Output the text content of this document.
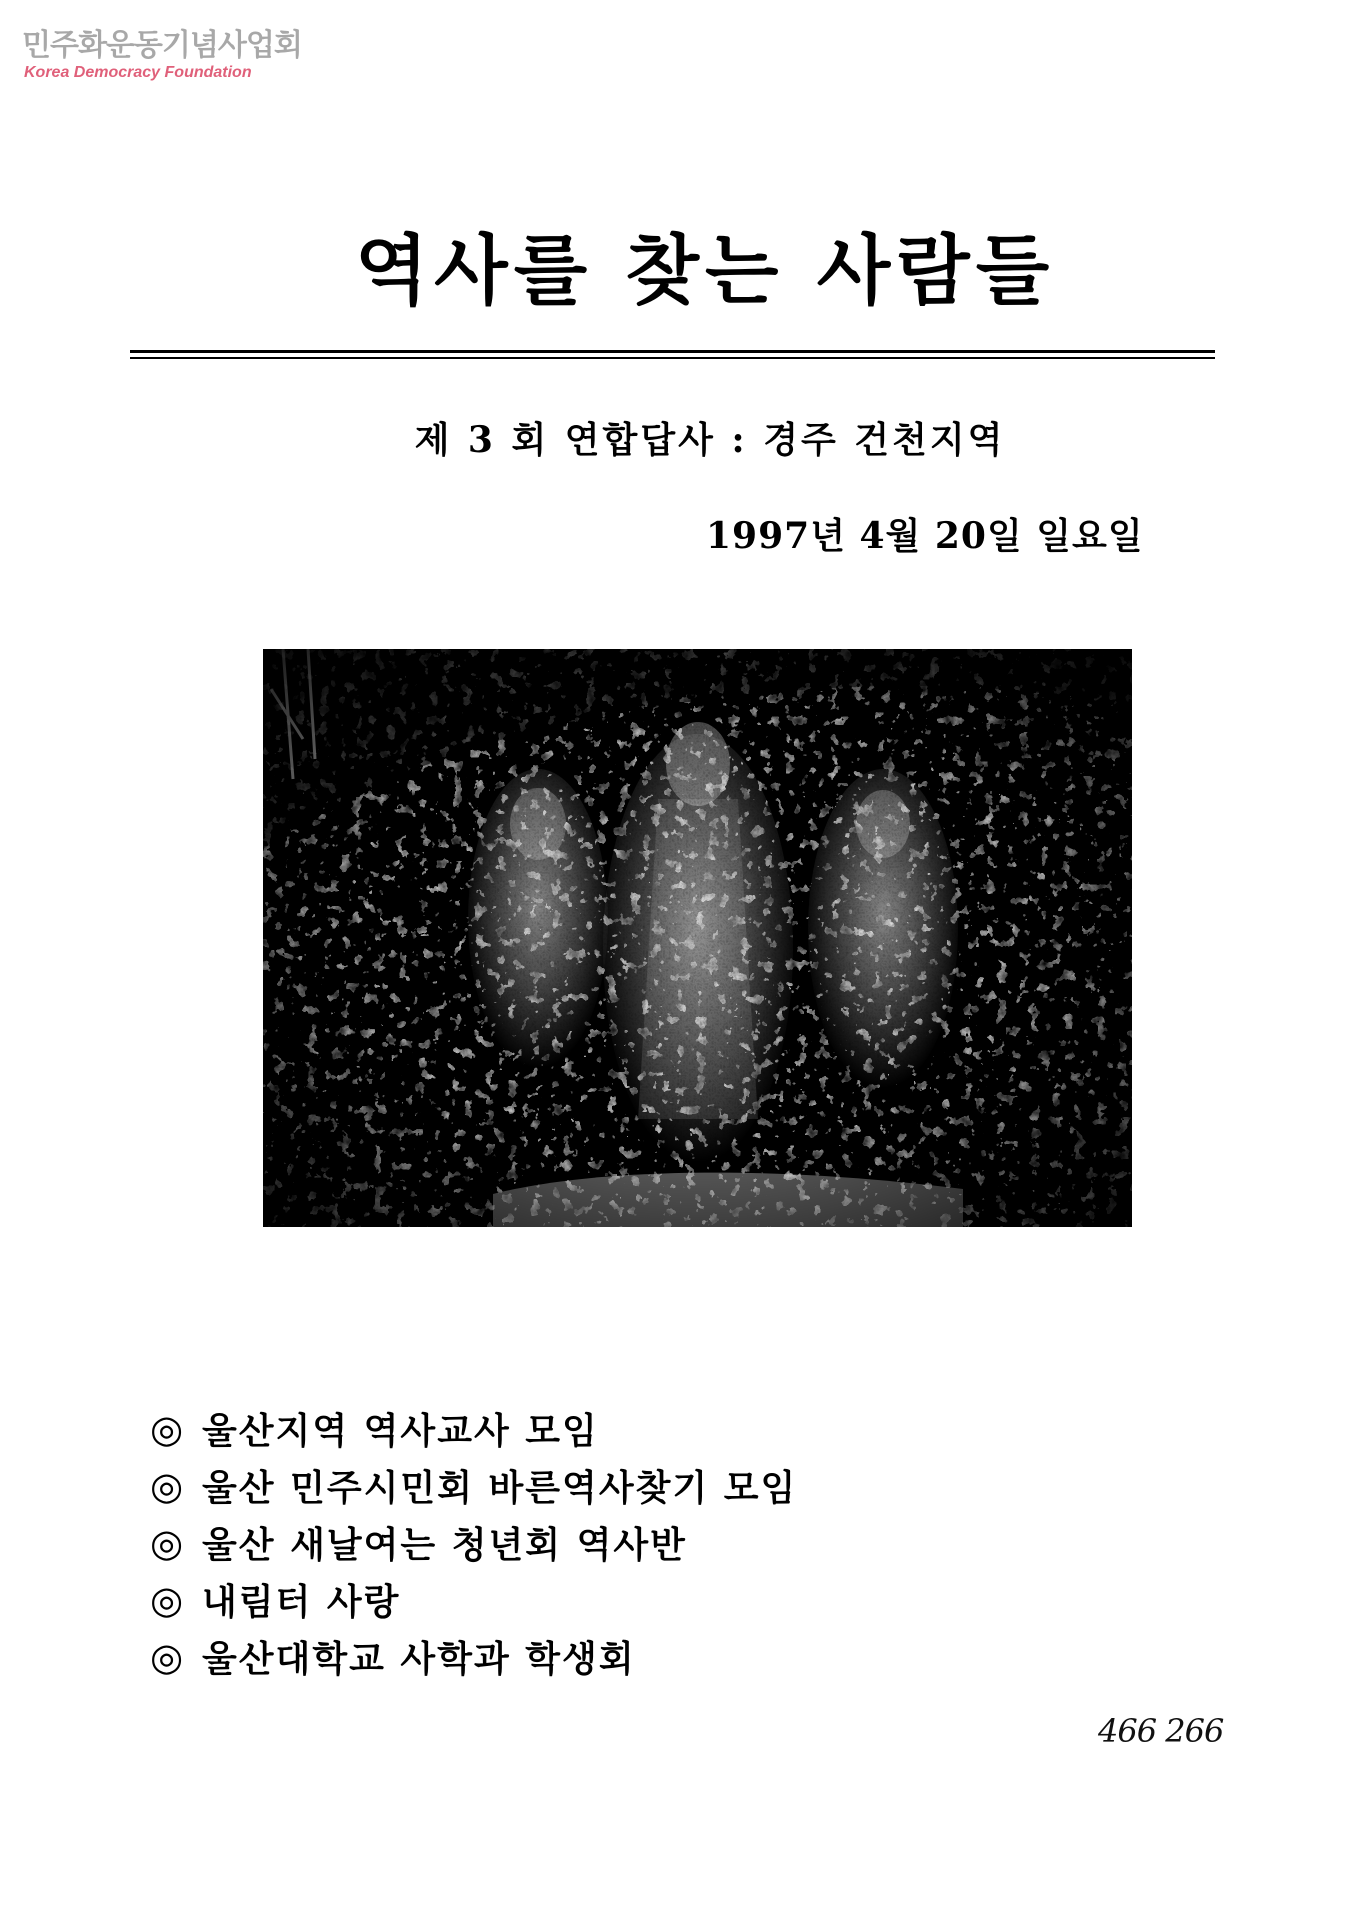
민주화운동기념사업회
Korea Democracy Foundation
역사를 찾는 사람들
제 3 회 연합답사 : 경주 건천지역
1997년 4월 20일 일요일
◎ 울산지역 역사교사 모임
◎ 울산 민주시민회 바른역사찾기 모임
◎ 울산 새날여는 청년회 역사반
◎ 내림터 사랑
◎ 울산대학교 사학과 학생회
466 266
